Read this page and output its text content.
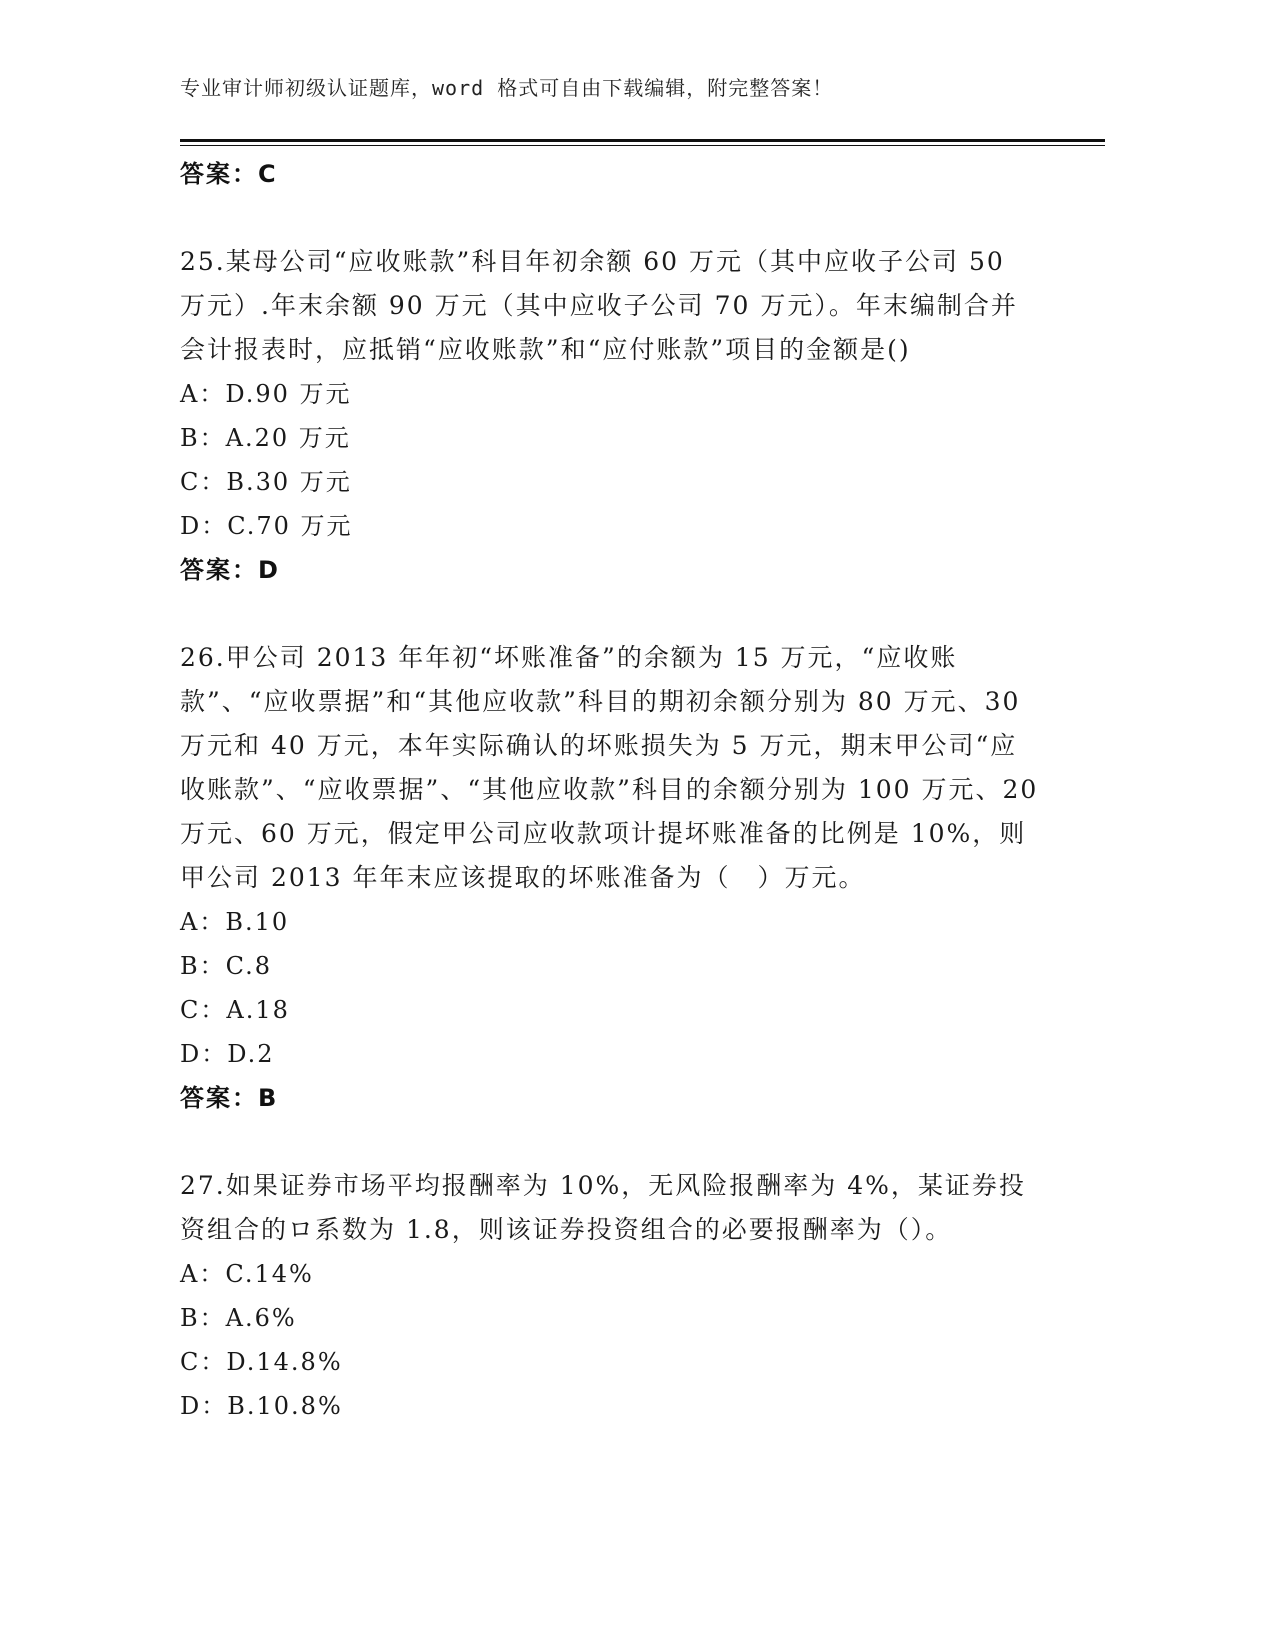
专业审计师初级认证题库，word 格式可自由下载编辑，附完整答案！
答案：C
25.某母公司“应收账款”科目年初余额 60 万元（其中应收子公司 50 万元）.年末余额 90 万元（其中应收子公司 70 万元）。年末编制合并会计报表时，应抵销“应收账款”和“应付账款”项目的金额是()
A：D.90 万元
B：A.20 万元
C：B.30 万元
D：C.70 万元
答案：D
26.甲公司 2013 年年初“坏账准备”的余额为 15 万元，“应收账款”、“应收票据”和“其他应收款”科目的期初余额分别为 80 万元、30 万元和 40 万元，本年实际确认的坏账损失为 5 万元，期末甲公司“应收账款”、“应收票据”、“其他应收款”科目的余额分别为 100 万元、20 万元、60 万元，假定甲公司应收款项计提坏账准备的比例是 10%，则甲公司 2013 年年末应该提取的坏账准备为（　）万元。
A：B.10
B：C.8
C：A.18
D：D.2
答案：B
27.如果证券市场平均报酬率为 10%，无风险报酬率为 4%，某证券投资组合的ロ系数为 1.8，则该证券投资组合的必要报酬率为（）。
A：C.14%
B：A.6%
C：D.14.8%
D：B.10.8%
